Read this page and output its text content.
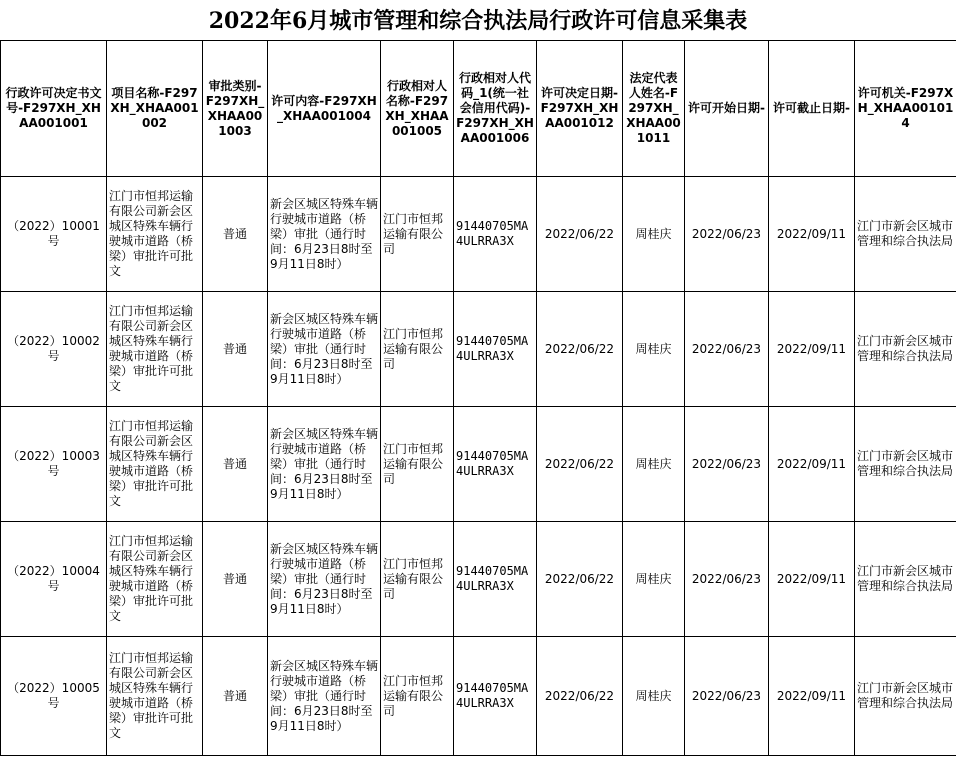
2022年6月城市管理和综合执法局行政许可信息采集表
行政许可决定书文号-F297XH_XHAA001001	项目名称-F297XH_XHAA001002	审批类别-F297XH_XHAA001003	许可内容-F297XH_XHAA001004	行政相对人名称-F297XH_XHAA001005	行政相对人代码_1(统一社会信用代码)-F297XH_XHAA001006	许可决定日期-F297XH_XHAA001012	法定代表人姓名-F297XH_XHAA001011	许可开始日期-	许可截止日期-	许可机关-F297XH_XHAA001014
（2022）10001号	江门市恒邦运输有限公司新会区城区特殊车辆行驶城市道路（桥梁）审批许可批文	普通	新会区城区特殊车辆行驶城市道路（桥梁）审批（通行时间：6月23日8时至9月11日8时）	江门市恒邦运输有限公司	91440705MA4ULRRA3X	2022/06/22	周桂庆	2022/06/23	2022/09/11	江门市新会区城市管理和综合执法局
（2022）10002号	江门市恒邦运输有限公司新会区城区特殊车辆行驶城市道路（桥梁）审批许可批文	普通	新会区城区特殊车辆行驶城市道路（桥梁）审批（通行时间：6月23日8时至9月11日8时）	江门市恒邦运输有限公司	91440705MA4ULRRA3X	2022/06/22	周桂庆	2022/06/23	2022/09/11	江门市新会区城市管理和综合执法局
（2022）10003号	江门市恒邦运输有限公司新会区城区特殊车辆行驶城市道路（桥梁）审批许可批文	普通	新会区城区特殊车辆行驶城市道路（桥梁）审批（通行时间：6月23日8时至9月11日8时）	江门市恒邦运输有限公司	91440705MA4ULRRA3X	2022/06/22	周桂庆	2022/06/23	2022/09/11	江门市新会区城市管理和综合执法局
（2022）10004号	江门市恒邦运输有限公司新会区城区特殊车辆行驶城市道路（桥梁）审批许可批文	普通	新会区城区特殊车辆行驶城市道路（桥梁）审批（通行时间：6月23日8时至9月11日8时）	江门市恒邦运输有限公司	91440705MA4ULRRA3X	2022/06/22	周桂庆	2022/06/23	2022/09/11	江门市新会区城市管理和综合执法局
（2022）10005号	江门市恒邦运输有限公司新会区城区特殊车辆行驶城市道路（桥梁）审批许可批文	普通	新会区城区特殊车辆行驶城市道路（桥梁）审批（通行时间：6月23日8时至9月11日8时）	江门市恒邦运输有限公司	91440705MA4ULRRA3X	2022/06/22	周桂庆	2022/06/23	2022/09/11	江门市新会区城市管理和综合执法局
